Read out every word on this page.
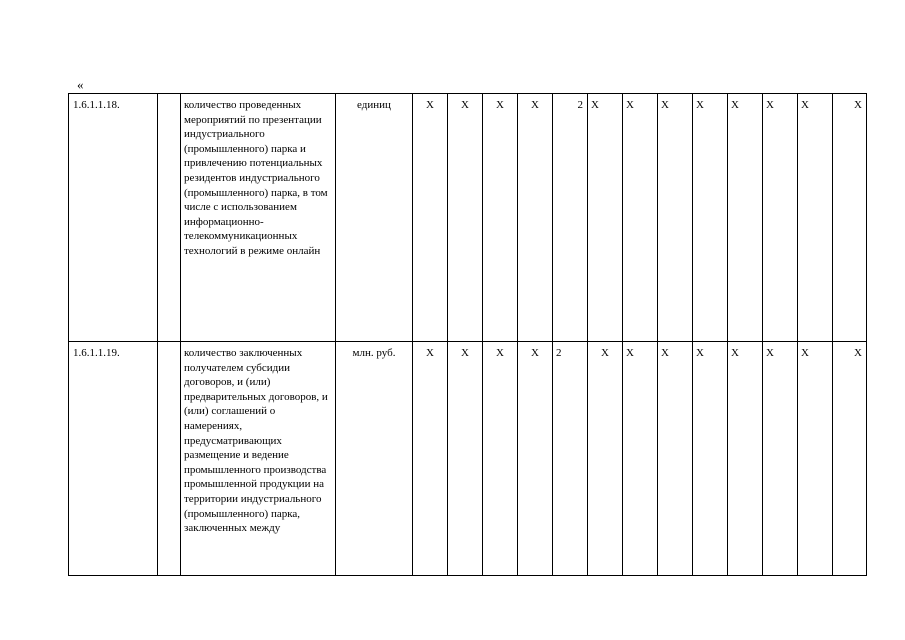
«
1.6.1.1.18.		количество проведенных мероприятий по презентации индустриального (промышленного) парка и привлечению потенциальных резидентов индустриального (промышленного) парка, в том числе с использованием информационно-телекоммуникационных технологий в режиме онлайн	единиц	X	X	X	X	2	X	X	X	X	X	X	X	X
1.6.1.1.19.		количество заключенных получателем субсидии договоров, и (или) предварительных договоров, и (или) соглашений о намерениях, предусматривающих размещение и ведение промышленного производства промышленной продукции на территории индустриального (промышленного) парка, заключенных между	млн. руб.	X	X	X	X	2	X	X	X	X	X	X	X	X
